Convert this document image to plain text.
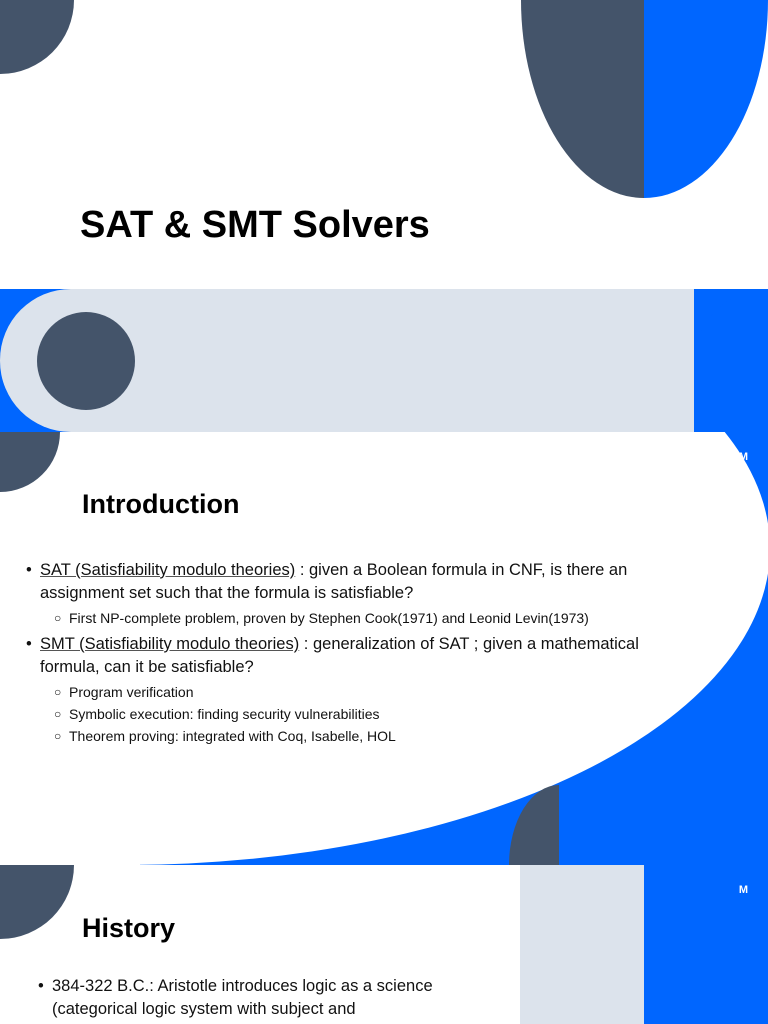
SAT & SMT Solvers
M
Introduction
• SAT (Satisfiability modulo theories) : given a Boolean formula in CNF, is there an assignment set such that the formula is satisfiable?
○ First NP-complete problem, proven by Stephen Cook(1971) and Leonid Levin(1973)
• SMT (Satisfiability modulo theories) : generalization of SAT ; given a mathematical formula, can it be satisfiable?
○ Program verification
○ Symbolic execution: finding security vulnerabilities
○ Theorem proving: integrated with Coq, Isabelle, HOL
M
History
• 384-322 B.C.: Aristotle introduces logic as a science (categorical logic system with subject and
